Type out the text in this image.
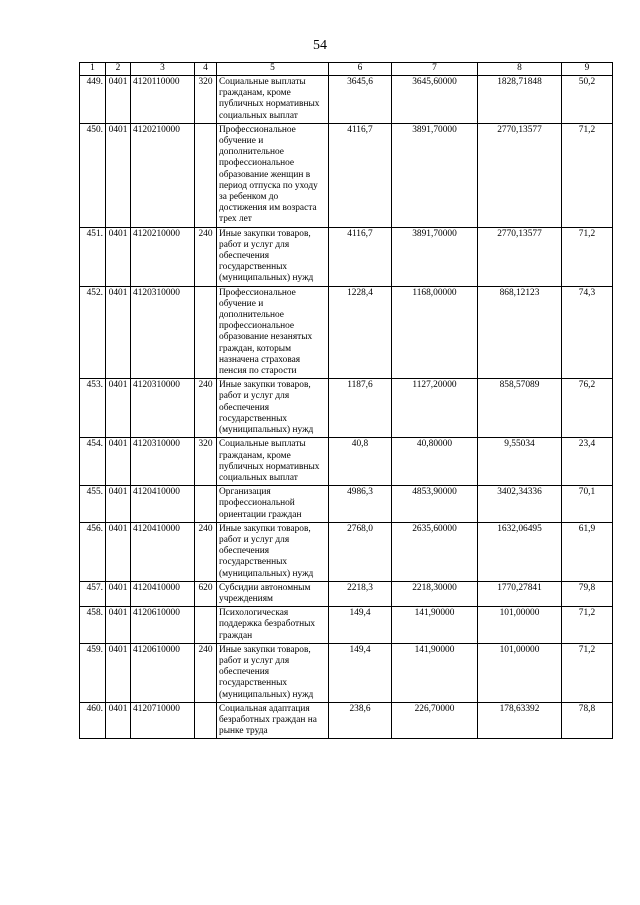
54
1	2	3	4	5	6	7	8	9
449.	0401	4120110000	320	Социальные выплаты гражданам, кроме публичных нормативных социальных выплат	3645,6	3645,60000	1828,71848	50,2
450.	0401	4120210000		Профессиональное обучение и дополнительное профессиональное образование женщин в период отпуска по уходу за ребенком до достижения им возраста трех лет	4116,7	3891,70000	2770,13577	71,2
451.	0401	4120210000	240	Иные закупки товаров, работ и услуг для обеспечения государственных (муниципальных) нужд	4116,7	3891,70000	2770,13577	71,2
452.	0401	4120310000		Профессиональное обучение и дополнительное профессиональное образование незанятых граждан, которым назначена страховая пенсия по старости	1228,4	1168,00000	868,12123	74,3
453.	0401	4120310000	240	Иные закупки товаров, работ и услуг для обеспечения государственных (муниципальных) нужд	1187,6	1127,20000	858,57089	76,2
454.	0401	4120310000	320	Социальные выплаты гражданам, кроме публичных нормативных социальных выплат	40,8	40,80000	9,55034	23,4
455.	0401	4120410000		Организация профессиональной ориентации граждан	4986,3	4853,90000	3402,34336	70,1
456.	0401	4120410000	240	Иные закупки товаров, работ и услуг для обеспечения государственных (муниципальных) нужд	2768,0	2635,60000	1632,06495	61,9
457.	0401	4120410000	620	Субсидии автономным учреждениям	2218,3	2218,30000	1770,27841	79,8
458.	0401	4120610000		Психологическая поддержка безработных граждан	149,4	141,90000	101,00000	71,2
459.	0401	4120610000	240	Иные закупки товаров, работ и услуг для обеспечения государственных (муниципальных) нужд	149,4	141,90000	101,00000	71,2
460.	0401	4120710000		Социальная адаптация безработных граждан на рынке труда	238,6	226,70000	178,63392	78,8
